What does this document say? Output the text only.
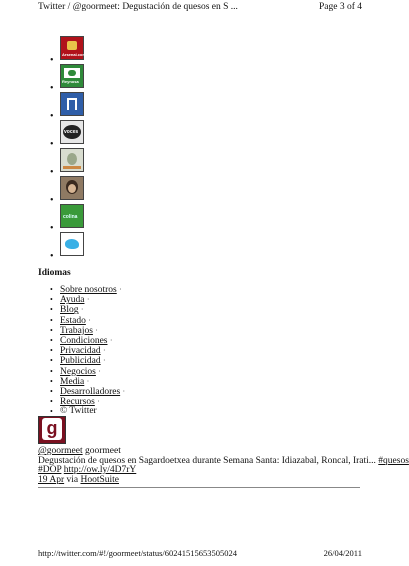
Twitter / @goormeet: Degustación de quesos en S ...	Page 3 of 4
•
Arsenal.com
•
Reynosa
•
•
voces
•
•
•
colina
•
Idiomas
• Sobre nosotros ·
• Ayuda ·
• Blog ·
• Estado ·
• Trabajos ·
• Condiciones ·
• Privacidad ·
• Publicidad ·
• Negocios ·
• Media ·
• Desarrolladores ·
• Recursos ·
• © Twitter
g
@goormeet goormeet
Degustación de quesos en Sagardoetxea durante Semana Santa: Idiazabal, Roncal, Irati... #quesos
#DOP http://ow.ly/4D7rY
19 Apr via HootSuite
http://twitter.com/#!/goormeet/status/60241515653505024	26/04/2011
